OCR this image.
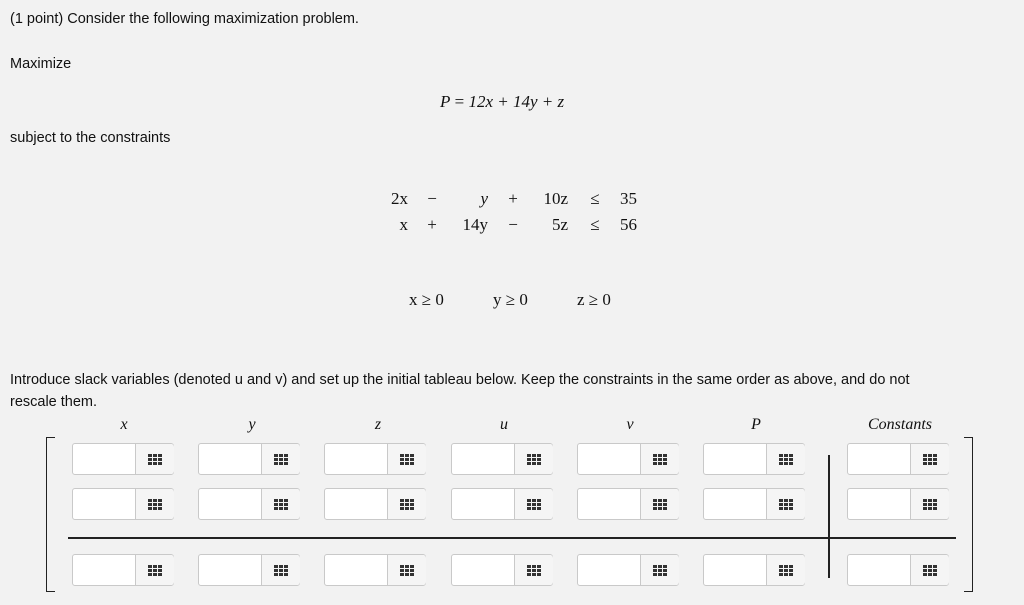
(1 point) Consider the following maximization problem.
Maximize
P = 12x + 14y + z
subject to the constraints
2x	−	y	+	10z	≤	35
x	+	14y	−	5z	≤	56
x ≥ 0	y ≥ 0	z ≥ 0
Introduce slack variables (denoted u and v) and set up the initial tableau below. Keep the constraints in the same order as above, and do not
rescale them.
x	y	z	u	v	P	Constants
